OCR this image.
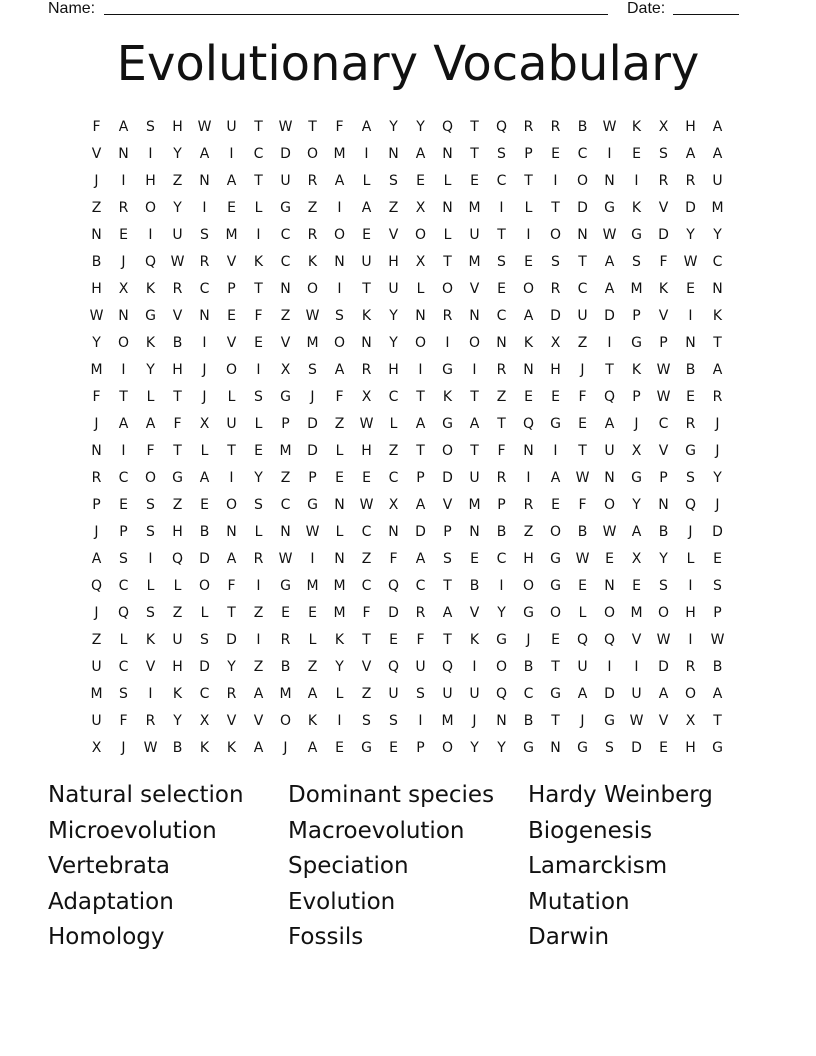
Name:	Date:
Evolutionary Vocabulary
F	A	S	H	W	U	T	W	T	F	A	Y	Y	Q	T	Q	R	R	B	W	K	X	H	A
V	N	I	Y	A	I	C	D	O	M	I	N	A	N	T	S	P	E	C	I	E	S	A	A
J	I	H	Z	N	A	T	U	R	A	L	S	E	L	E	C	T	I	O	N	I	R	R	U
Z	R	O	Y	I	E	L	G	Z	I	A	Z	X	N	M	I	L	T	D	G	K	V	D	M
N	E	I	U	S	M	I	C	R	O	E	V	O	L	U	T	I	O	N	W	G	D	Y	Y
B	J	Q	W	R	V	K	C	K	N	U	H	X	T	M	S	E	S	T	A	S	F	W	C
H	X	K	R	C	P	T	N	O	I	T	U	L	O	V	E	O	R	C	A	M	K	E	N
W	N	G	V	N	E	F	Z	W	S	K	Y	N	R	N	C	A	D	U	D	P	V	I	K
Y	O	K	B	I	V	E	V	M	O	N	Y	O	I	O	N	K	X	Z	I	G	P	N	T
M	I	Y	H	J	O	I	X	S	A	R	H	I	G	I	R	N	H	J	T	K	W	B	A
F	T	L	T	J	L	S	G	J	F	X	C	T	K	T	Z	E	E	F	Q	P	W	E	R
J	A	A	F	X	U	L	P	D	Z	W	L	A	G	A	T	Q	G	E	A	J	C	R	J
N	I	F	T	L	T	E	M	D	L	H	Z	T	O	T	F	N	I	T	U	X	V	G	J
R	C	O	G	A	I	Y	Z	P	E	E	C	P	D	U	R	I	A	W	N	G	P	S	Y
P	E	S	Z	E	O	S	C	G	N	W	X	A	V	M	P	R	E	F	O	Y	N	Q	J
J	P	S	H	B	N	L	N	W	L	C	N	D	P	N	B	Z	O	B	W	A	B	J	D
A	S	I	Q	D	A	R	W	I	N	Z	F	A	S	E	C	H	G	W	E	X	Y	L	E
Q	C	L	L	O	F	I	G	M	M	C	Q	C	T	B	I	O	G	E	N	E	S	I	S
J	Q	S	Z	L	T	Z	E	E	M	F	D	R	A	V	Y	G	O	L	O	M	O	H	P
Z	L	K	U	S	D	I	R	L	K	T	E	F	T	K	G	J	E	Q	Q	V	W	I	W
U	C	V	H	D	Y	Z	B	Z	Y	V	Q	U	Q	I	O	B	T	U	I	I	D	R	B
M	S	I	K	C	R	A	M	A	L	Z	U	S	U	U	Q	C	G	A	D	U	A	O	A
U	F	R	Y	X	V	V	O	K	I	S	S	I	M	J	N	B	T	J	G	W	V	X	T
X	J	W	B	K	K	A	J	A	E	G	E	P	O	Y	Y	G	N	G	S	D	E	H	G
Natural selection	Dominant species	Hardy Weinberg
Microevolution	Macroevolution	Biogenesis
Vertebrata	Speciation	Lamarckism
Adaptation	Evolution	Mutation
Homology	Fossils	Darwin
